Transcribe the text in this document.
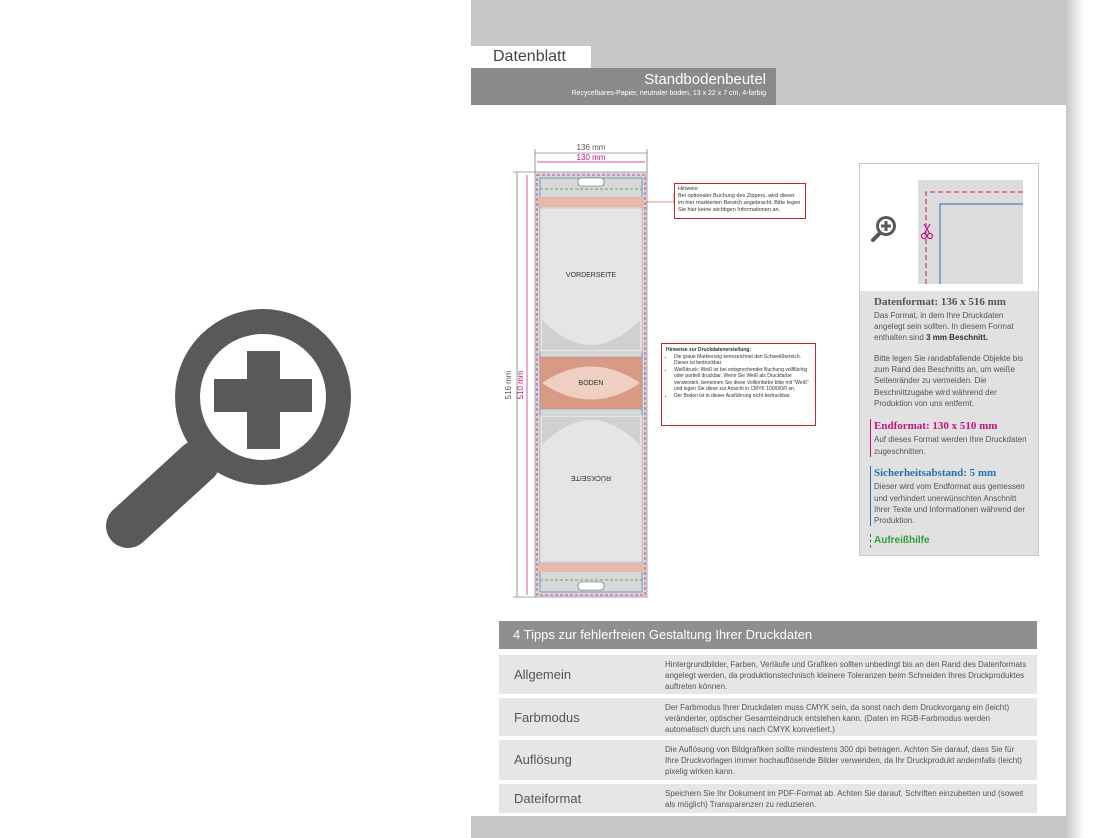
Datenblatt
Standbodenbeutel
Recycelbares-Papier, neutraler boden, 13 x 22 x 7 cm, 4-farbig
136 mm
130 mm
516 mm 510 mm
VORDERSEITE
BODEN
RÜCKSEITE
Hinweis:
Bei optionaler Buchung des Zippers, wird dieser im hier markierten Bereich angebracht. Bitte legen Sie hier keine wichtigen Informationen an.
Hinweise zur Druckdatenerstellung:
• Die graue Markierung kennzeichnet den Schweißbereich. Dieser ist bedruckbar.
• Weißdruck: Weiß ist bei entsprechender Buchung vollflächig oder partiell druckbar. Wenn Sie Weiß als Druckfarbe verwenden, benennen Sie diese Volltonfarbe bitte mit "Weiß" und legen Sie diese zur Ansicht in CMYK 100/0/0/0 an.
• Der Boden ist in dieser Ausführung nicht bedruckbar.
Datenformat: 136 x 516 mm
Das Format, in dem Ihre Druckdaten angelegt sein sollten. In diesem Format enthalten sind 3 mm Beschnitt.
Bitte legen Sie randabfallende Objekte bis zum Rand des Beschnitts an, um weiße Seitenränder zu vermeiden. Die Beschnittzugabe wird während der Produktion von uns entfernt.
Endformat: 130 x 510 mm
Auf dieses Format werden Ihre Druckdaten zugeschnitten.
Sicherheitsabstand: 5 mm
Dieser wird vom Endformat aus gemessen und verhindert unerwünschten Anschnitt Ihrer Texte und Informationen während der Produktion.
Aufreißhilfe
4 Tipps zur fehlerfreien Gestaltung Ihrer Druckdaten
Allgemein
Hintergrundbilder, Farben, Verläufe und Grafiken sollten unbedingt bis an den Rand des Datenformats angelegt werden, da produktionstechnisch kleinere Toleranzen beim Schneiden Ihres Druckproduktes auftreten können.
Farbmodus
Der Farbmodus Ihrer Druckdaten muss CMYK sein, da sonst nach dem Druckvorgang ein (leicht) veränderter, optischer Gesamteindruck entstehen kann. (Daten im RGB-Farbmodus werden automatisch durch uns nach CMYK konvertiert.)
Auflösung
Die Auflösung von Bildgrafiken sollte mindestens 300 dpi betragen. Achten Sie darauf, dass Sie für Ihre Druckvorlagen immer hochauflösende Bilder verwenden, da Ihr Druckprodukt andernfalls (leicht) pixelig wirken kann.
Dateiformat	Speichern Sie Ihr Dokument im PDF-Format ab. Achten Sie darauf, Schriften einzubetten und (soweit als möglich) Transparenzen zu reduzieren.
